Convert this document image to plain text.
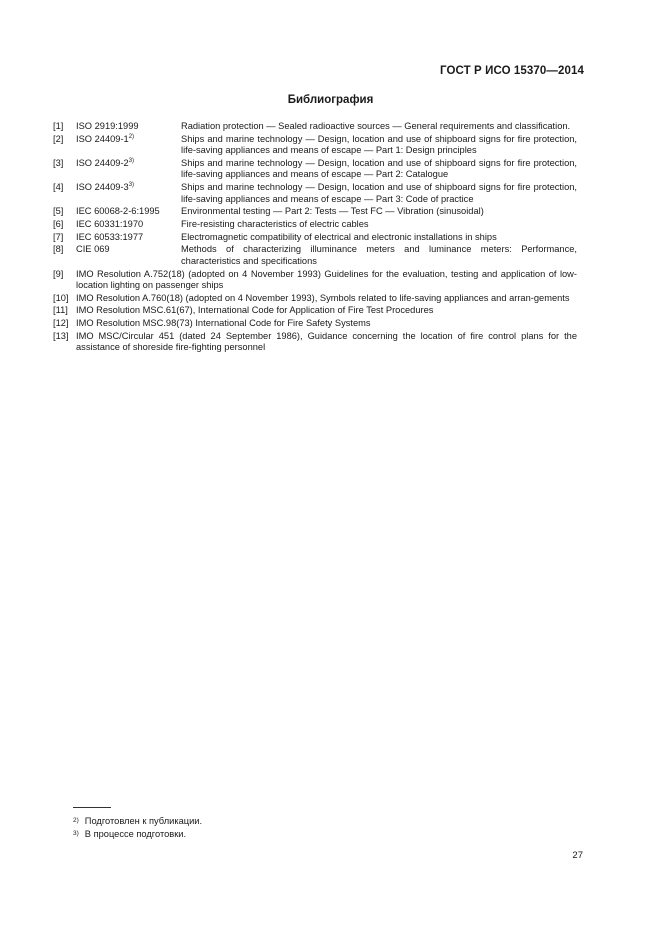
ГОСТ Р ИСО 15370—2014
Библиография
[1] ISO 2919:1999	Radiation protection — Sealed radioactive sources — General requirements and classification.
[2] ISO 24409-1$^{2)}$	Ships and marine technology — Design, location and use of shipboard signs for fire protection, life-saving appliances and means of escape — Part 1: Design principles
[3] ISO 24409-2$^{3)}$	Ships and marine technology — Design, location and use of shipboard signs for fire protection, life-saving appliances and means of escape — Part 2: Catalogue
[4] ISO 24409-3$^{3)}$	Ships and marine technology — Design, location and use of shipboard signs for fire protection, life-saving appliances and means of escape — Part 3: Code of practice
[5] IEC 60068-2-6:1995 Environmental testing — Part 2: Tests — Test FC — Vibration (sinusoidal)
[6] IEC 60331:1970	Fire-resisting characteristics of electric cables
[7] IEC 60533:1977	Electromagnetic compatibility of electrical and electronic installations in ships
[8] CIE 069	Methods of characterizing illuminance meters and luminance meters: Performance, characteristics and specifications
[9] IMO Resolution A.752(18) (adopted on 4 November 1993) Guidelines for the evaluation, testing and application of low-location lighting on passenger ships
[10] IMO Resolution A.760(18) (adopted on 4 November 1993), Symbols related to life-saving appliances and arran-gements
[11] IMO Resolution MSC.61(67), International Code for Application of Fire Test Procedures
[12] IMO Resolution MSC.98(73) International Code for Fire Safety Systems
[13] IMO MSC/Circular 451 (dated 24 September 1986), Guidance concerning the location of fire control plans for the assistance of shoreside fire-fighting personnel
$^{2)}$ Подготовлен к публикации.
$^{3)}$ В процессе подготовки.
27
